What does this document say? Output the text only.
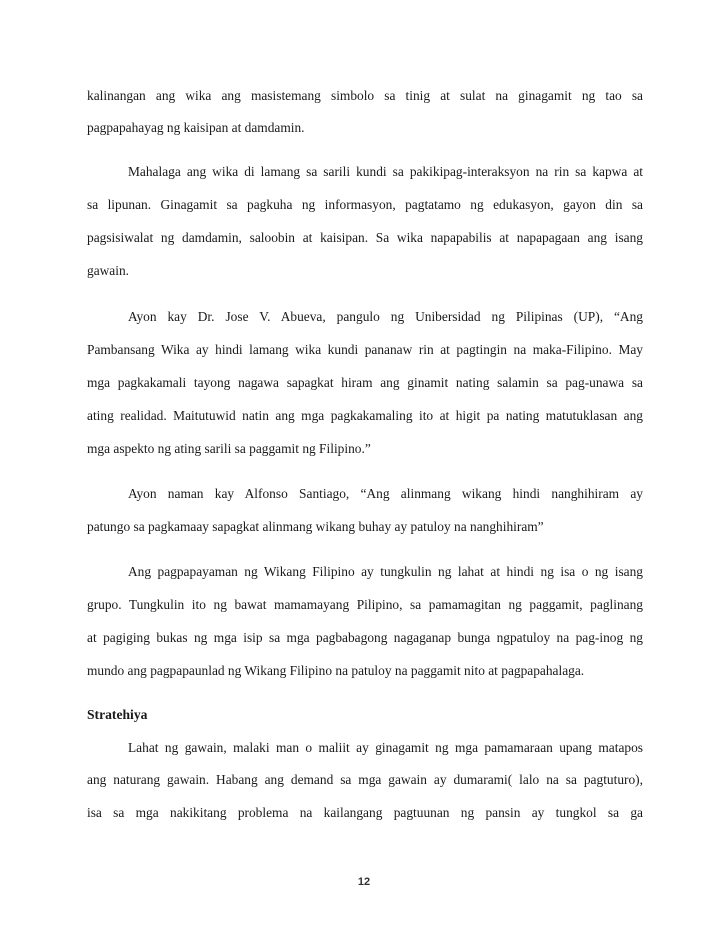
kalinangan ang wika ang masistemang simbolo sa tinig at sulat na ginagamit ng tao sa
pagpapahayag ng kaisipan at damdamin.
Mahalaga ang wika di lamang sa sarili kundi sa pakikipag-interaksyon na rin sa kapwa at
sa lipunan. Ginagamit sa pagkuha ng informasyon, pagtatamo ng edukasyon, gayon din sa
pagsisiwalat ng damdamin, saloobin at kaisipan. Sa wika napapabilis at napapagaan ang isang
gawain.
Ayon kay Dr. Jose V. Abueva, pangulo ng Unibersidad ng Pilipinas (UP), “Ang
Pambansang Wika ay hindi lamang wika kundi pananaw rin at pagtingin na maka-Filipino. May
mga pagkakamali tayong nagawa sapagkat hiram ang ginamit nating salamin sa pag-unawa sa
ating realidad. Maitutuwid natin ang mga pagkakamaling ito at higit pa nating matutuklasan ang
mga aspekto ng ating sarili sa paggamit ng Filipino.”
Ayon naman kay Alfonso Santiago, “Ang alinmang wikang hindi nanghihiram ay
patungo sa pagkamaay sapagkat alinmang wikang buhay ay patuloy na nanghihiram”
Ang pagpapayaman ng Wikang Filipino ay tungkulin ng lahat at hindi ng isa o ng isang
grupo. Tungkulin ito ng bawat mamamayang Pilipino, sa pamamagitan ng paggamit, paglinang
at pagiging bukas ng mga isip sa mga pagbabagong nagaganap bunga ngpatuloy na pag-inog ng
mundo ang pagpapaunlad ng Wikang Filipino na patuloy na paggamit nito at pagpapahalaga.
Stratehiya
Lahat ng gawain, malaki man o maliit ay ginagamit ng mga pamamaraan upang matapos
ang naturang gawain. Habang ang demand sa mga gawain ay dumarami( lalo na sa pagtuturo),
isa sa mga nakikitang problema na kailangang pagtuunan ng pansin ay tungkol sa ga
12
